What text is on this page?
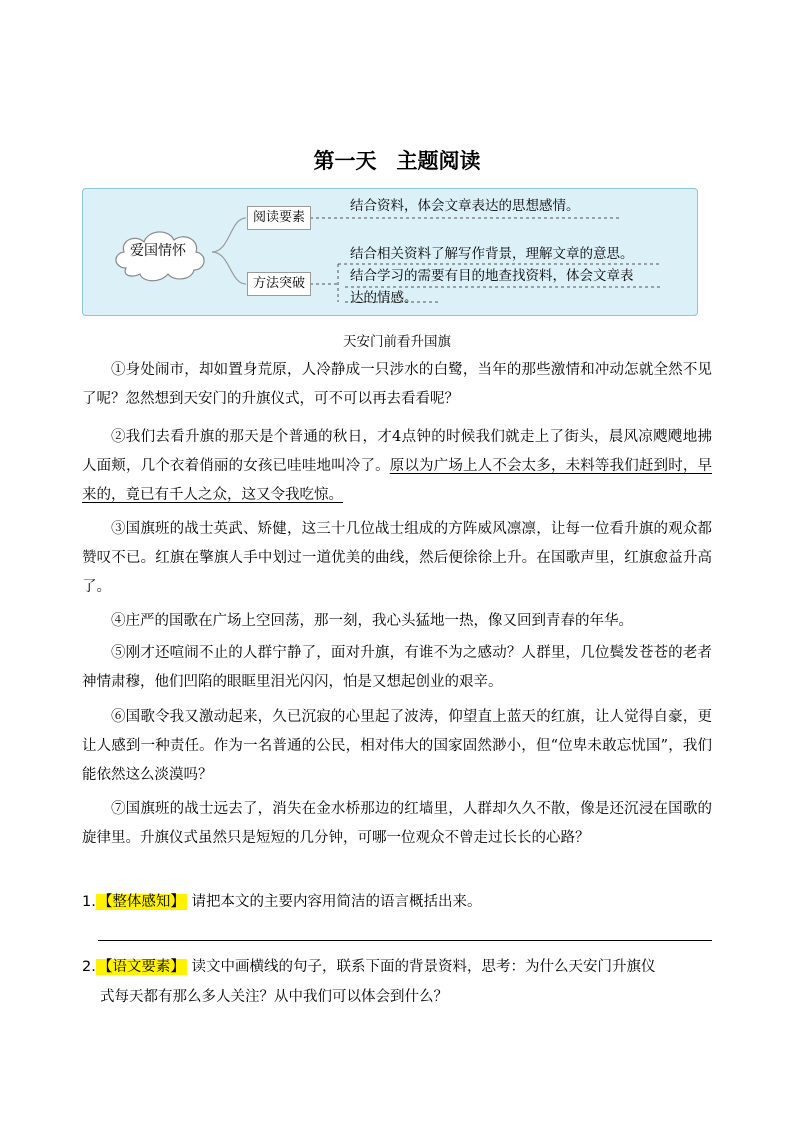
第一天 主题阅读
爱国情怀
阅读要素
方法突破
结合资料，体会文章表达的思想感情。
结合相关资料了解写作背景，理解文章的意思。
结合学习的需要有目的地查找资料，体会文章表
达的情感。
天安门前看升国旗
①身处闹市，却如置身荒原，人冷静成一只涉水的白鹭，当年的那些激情和冲动怎就全然不见了呢？忽然想到天安门的升旗仪式，可不可以再去看看呢？
②我们去看升旗的那天是个普通的秋日，才4点钟的时候我们就走上了街头，晨风凉飕飕地拂人面颊，几个衣着俏丽的女孩已哇哇地叫冷了。原以为广场上人不会太多，未料等我们赶到时，早来的，竟已有千人之众，这又令我吃惊。
③国旗班的战士英武、矫健，这三十几位战士组成的方阵威风凛凛，让每一位看升旗的观众都赞叹不已。红旗在擎旗人手中划过一道优美的曲线，然后便徐徐上升。在国歌声里，红旗愈益升高了。
④庄严的国歌在广场上空回荡，那一刻，我心头猛地一热，像又回到青春的年华。
⑤刚才还喧闹不止的人群宁静了，面对升旗，有谁不为之感动？人群里，几位鬓发苍苍的老者神情肃穆，他们凹陷的眼眶里泪光闪闪，怕是又想起创业的艰辛。
⑥国歌令我又激动起来，久已沉寂的心里起了波涛，仰望直上蓝天的红旗，让人觉得自豪，更让人感到一种责任。作为一名普通的公民，相对伟大的国家固然渺小，但“位卑未敢忘忧国”，我们能依然这么淡漠吗？
⑦国旗班的战士远去了，消失在金水桥那边的红墙里，人群却久久不散，像是还沉浸在国歌的旋律里。升旗仪式虽然只是短短的几分钟，可哪一位观众不曾走过长长的心路？
1. 【整体感知】 请把本文的主要内容用简洁的语言概括出来。
2. 【语文要素】 读文中画横线的句子，联系下面的背景资料，思考：为什么天安门升旗仪
式每天都有那么多人关注？从中我们可以体会到什么？
